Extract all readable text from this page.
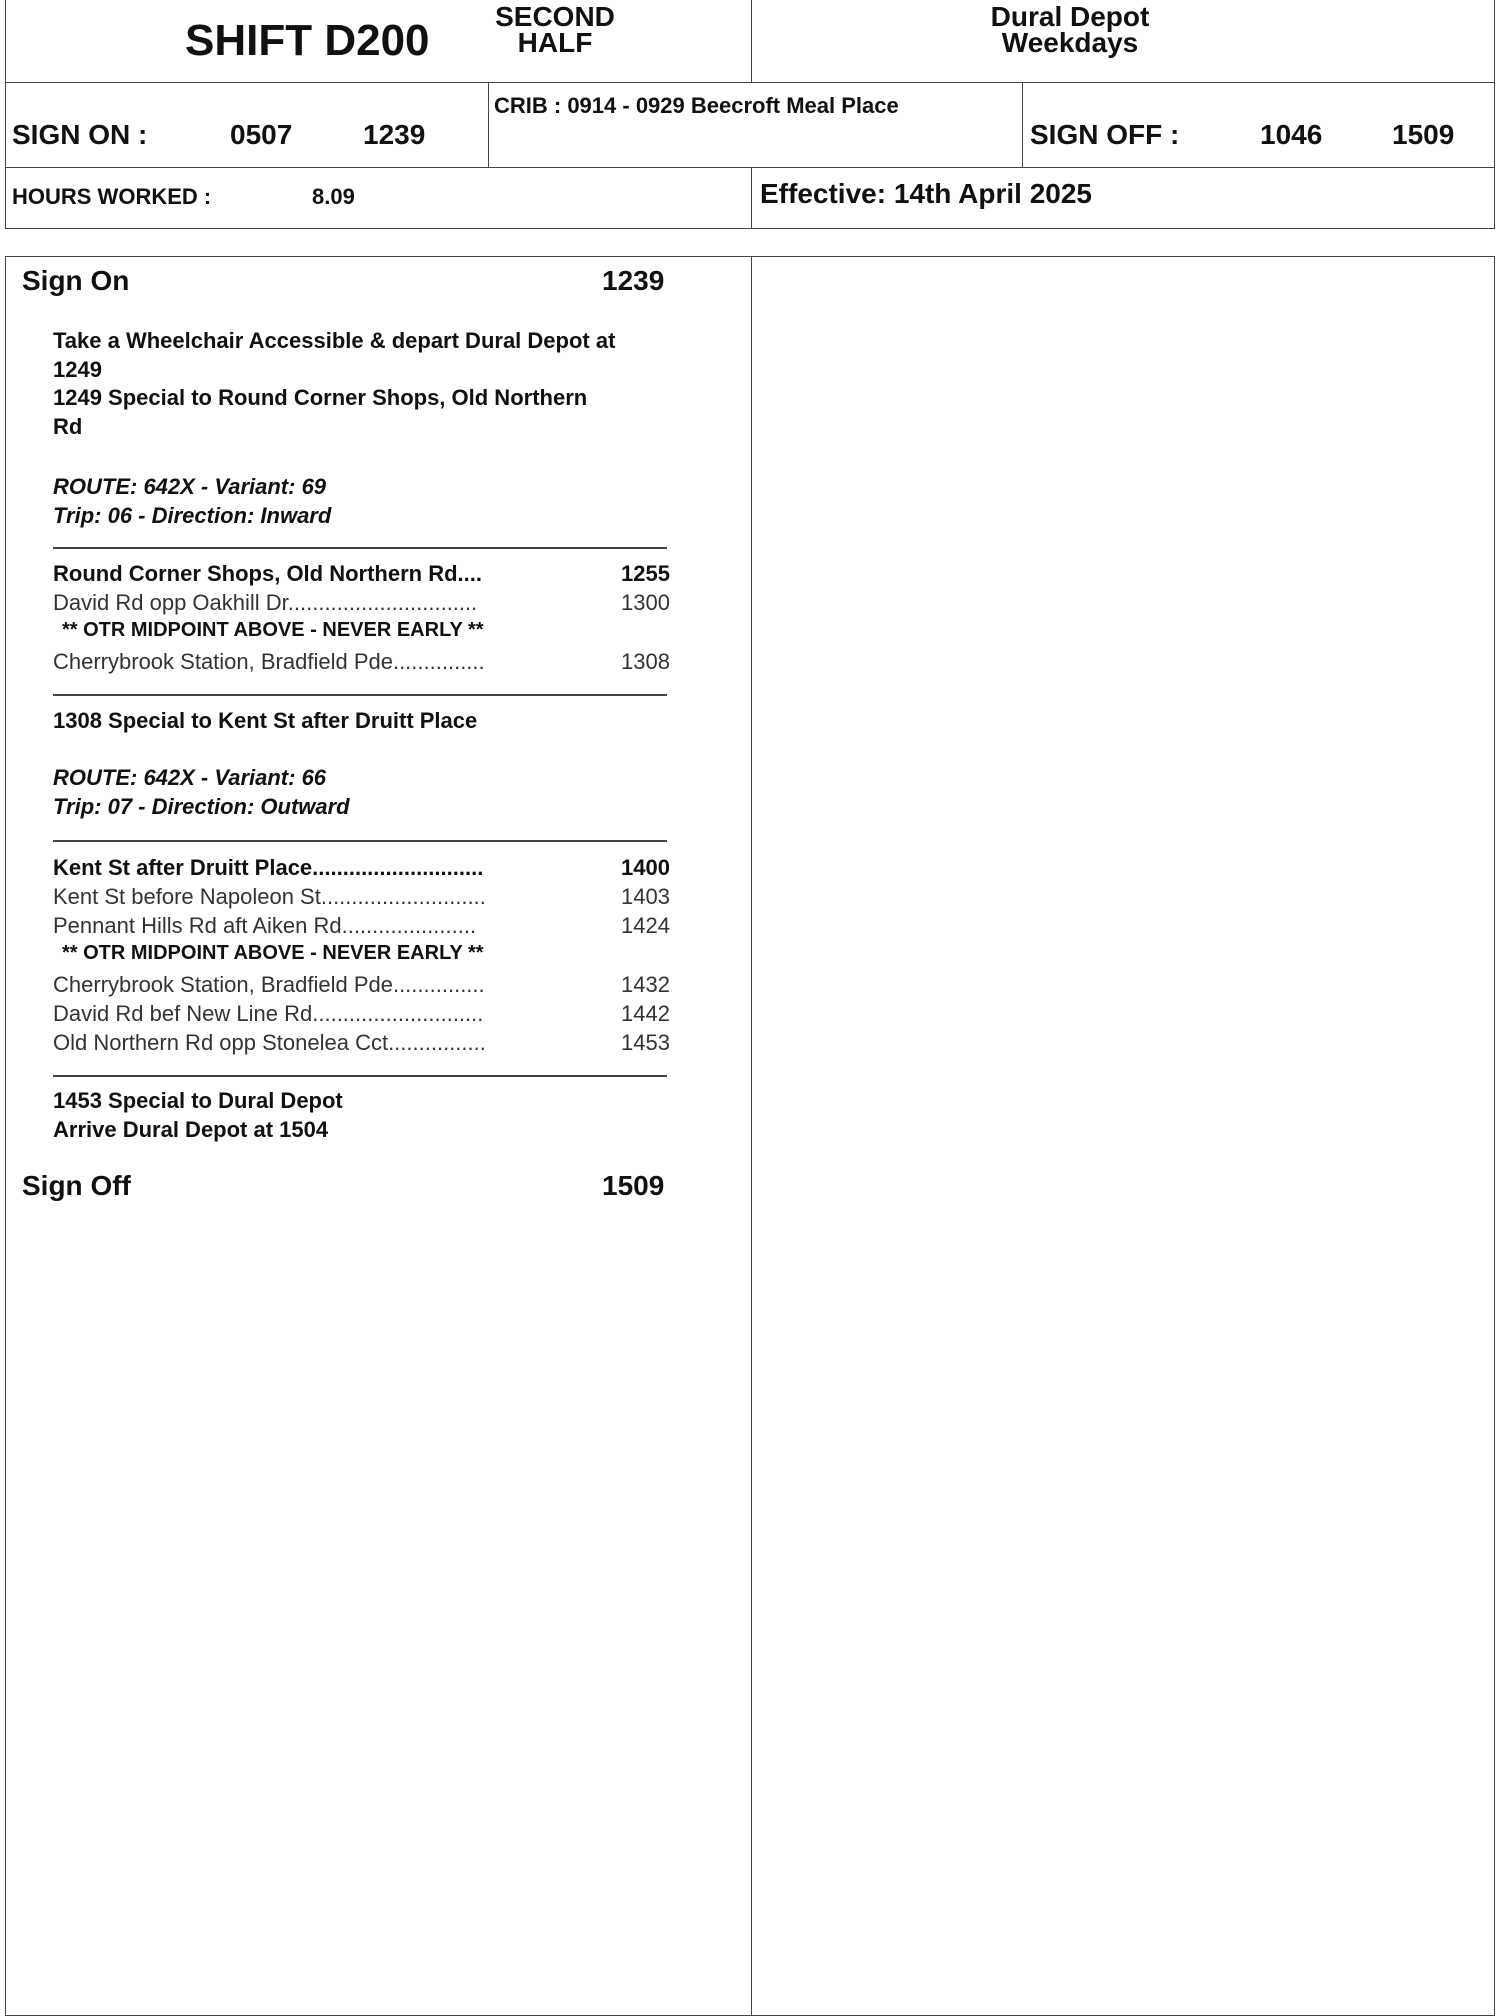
SHIFT D200	SECOND
HALF
Dural Depot
Weekdays
SIGN ON :	0507	1239
CRIB : 0914 - 0929 Beecroft Meal Place
SIGN OFF :	1046 1509
HOURS WORKED :	8.09	Effective: 14th April 2025
Sign On	1239
Take a Wheelchair Accessible & depart Dural Depot at
1249
1249 Special to Round Corner Shops, Old Northern
Rd
ROUTE: 642X - Variant: 69
Trip: 06 - Direction: Inward
Round Corner Shops, Old Northern Rd....	1255
David Rd opp Oakhill Dr...............................	1300
** OTR MIDPOINT ABOVE - NEVER EARLY **
Cherrybrook Station, Bradfield Pde...............	1308
1308 Special to Kent St after Druitt Place
ROUTE: 642X - Variant: 66
Trip: 07 - Direction: Outward
Kent St after Druitt Place............................	1400
Kent St before Napoleon St...........................	1403
Pennant Hills Rd aft Aiken Rd......................	1424
** OTR MIDPOINT ABOVE - NEVER EARLY **
Cherrybrook Station, Bradfield Pde...............	1432
David Rd bef New Line Rd............................	1442
Old Northern Rd opp Stonelea Cct................	1453
1453 Special to Dural Depot
Arrive Dural Depot at 1504
Sign Off	1509
